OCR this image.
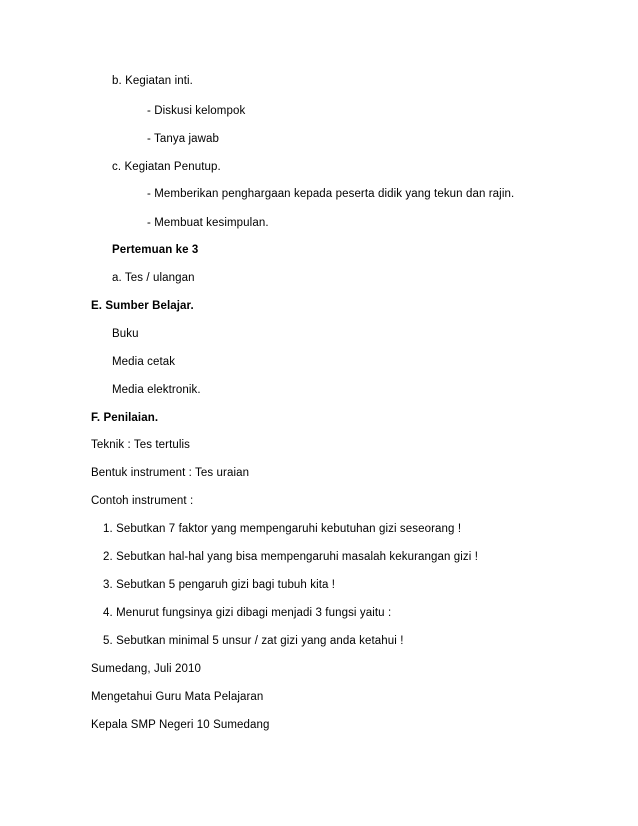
b. Kegiatan inti.
- Diskusi kelompok
- Tanya jawab
c. Kegiatan Penutup.
- Memberikan penghargaan kepada peserta didik yang tekun dan rajin.
- Membuat kesimpulan.
Pertemuan ke 3
a. Tes / ulangan
E. Sumber Belajar.
Buku
Media cetak
Media elektronik.
F. Penilaian.
Teknik : Tes tertulis
Bentuk instrument : Tes uraian
Contoh instrument :
1. Sebutkan 7 faktor yang mempengaruhi kebutuhan gizi seseorang !
2. Sebutkan hal-hal yang bisa mempengaruhi masalah kekurangan gizi !
3. Sebutkan 5 pengaruh gizi bagi tubuh kita !
4. Menurut fungsinya gizi dibagi menjadi 3 fungsi yaitu :
5. Sebutkan minimal 5 unsur / zat gizi yang anda ketahui !
Sumedang, Juli 2010
Mengetahui Guru Mata Pelajaran
Kepala SMP Negeri 10 Sumedang
